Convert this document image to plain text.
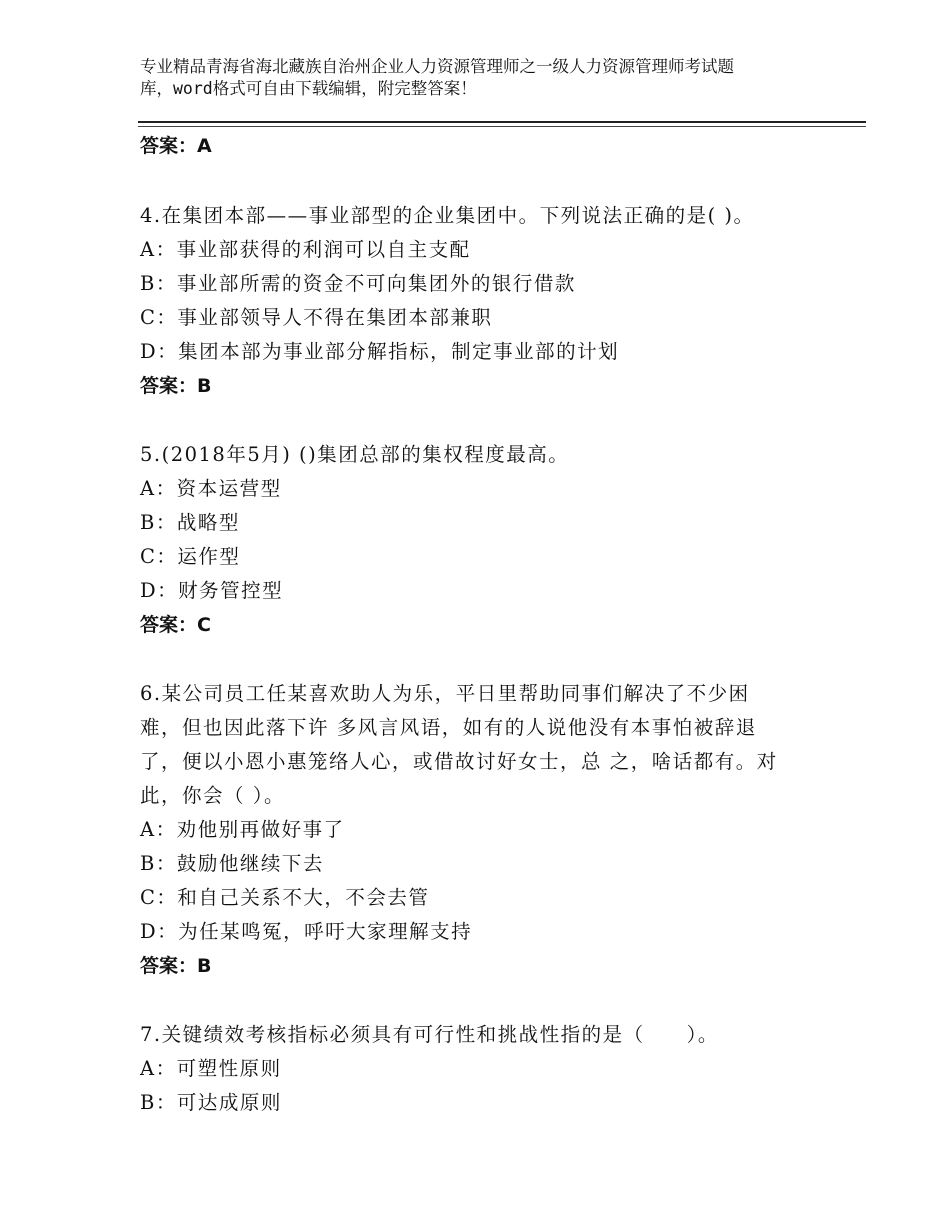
专业精品青海省海北藏族自治州企业人力资源管理师之一级人力资源管理师考试题
库，word格式可自由下载编辑，附完整答案！
答案：A
4.在集团本部——事业部型的企业集团中。下列说法正确的是( )。
A：事业部获得的利润可以自主支配
B：事业部所需的资金不可向集团外的银行借款
C：事业部领导人不得在集团本部兼职
D：集团本部为事业部分解指标，制定事业部的计划
答案：B
5.(2018年5月) ()集团总部的集权程度最高。
A：资本运营型
B：战略型
C：运作型
D：财务管控型
答案：C
6.某公司员工任某喜欢助人为乐，平日里帮助同事们解决了不少困
难，但也因此落下许 多风言风语，如有的人说他没有本事怕被辞退
了，便以小恩小惠笼络人心，或借故讨好女士，总 之，啥话都有。对
此，你会（ ）。
A：劝他别再做好事了
B：鼓励他继续下去
C：和自己关系不大，不会去管
D：为任某鸣冤，呼吁大家理解支持
答案：B
7.关键绩效考核指标必须具有可行性和挑战性指的是（　　）。
A：可塑性原则
B：可达成原则
